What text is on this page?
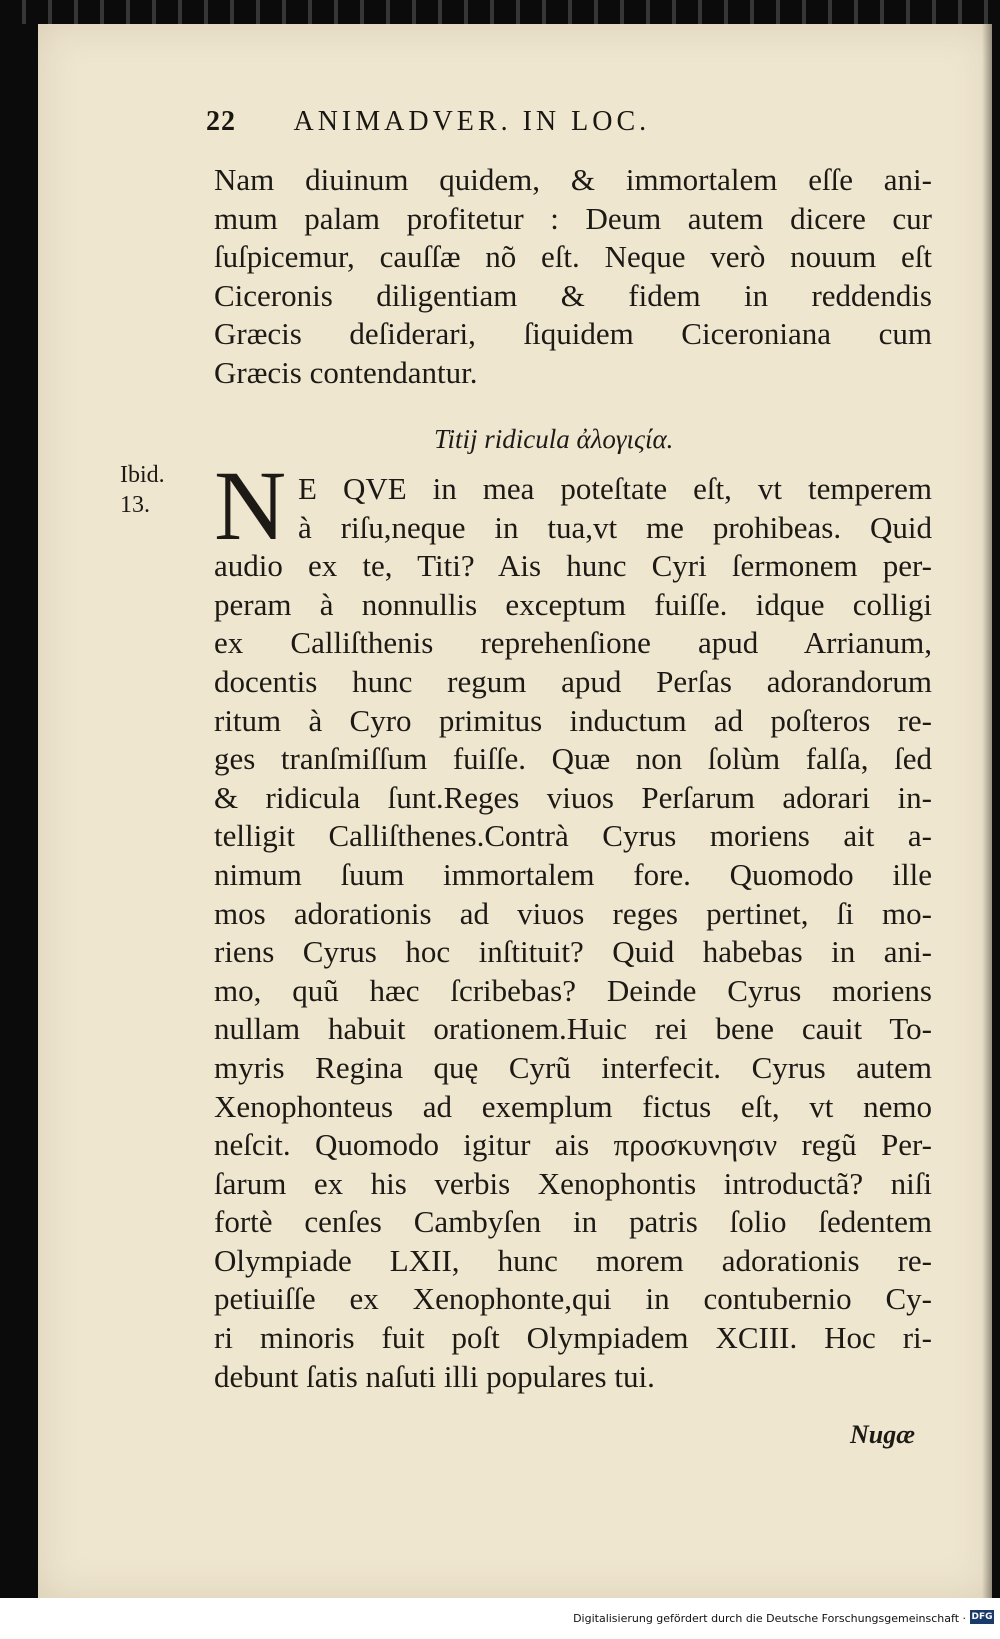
22 ANIMADVER. IN LOC.
Nam diuinum quidem, & immortalem eſſe ani-
mum palam profitetur : Deum autem dicere cur
ſuſpicemur, cauſſæ nõ eſt. Neque verò nouum eſt
Ciceronis diligentiam & fidem in reddendis
Græcis deſiderari, ſiquidem Ciceroniana cum
Græcis contendantur.
Titij ridicula ἀλογιςία.
Ibid.
13. N E QVE in mea poteſtate eſt, vt temperem
à riſu,neque in tua,vt me prohibeas. Quid
audio ex te, Titi? Ais hunc Cyri ſermonem per-
peram à nonnullis exceptum fuiſſe. idque colligi
ex Calliſthenis reprehenſione apud Arrianum,
docentis hunc regum apud Perſas adorandorum
ritum à Cyro primitus inductum ad poſteros re-
ges tranſmiſſum fuiſſe. Quæ non ſolùm falſa, ſed
& ridicula ſunt.Reges viuos Perſarum adorari in-
telligit Calliſthenes.Contrà Cyrus moriens ait a-
nimum ſuum immortalem fore. Quomodo ille
mos adorationis ad viuos reges pertinet, ſi mo-
riens Cyrus hoc inſtituit? Quid habebas in ani-
mo, quũ hæc ſcribebas? Deinde Cyrus moriens
nullam habuit orationem.Huic rei bene cauit To-
myris Regina quę Cyrũ interfecit. Cyrus autem
Xenophonteus ad exemplum fictus eſt, vt nemo
neſcit. Quomodo igitur ais προσκυνησιν regũ Per-
ſarum ex his verbis Xenophontis introductã? niſi
fortè cenſes Cambyſen in patris ſolio ſedentem
Olympiade LXII, hunc morem adorationis re-
petiuiſſe ex Xenophonte,qui in contubernio Cy-
ri minoris fuit poſt Olympiadem XCIII. Hoc ri-
debunt ſatis naſuti illi populares tui.
Nugæ
Digitalisierung gefördert durch die Deutsche Forschungsgemeinschaft · DFG
